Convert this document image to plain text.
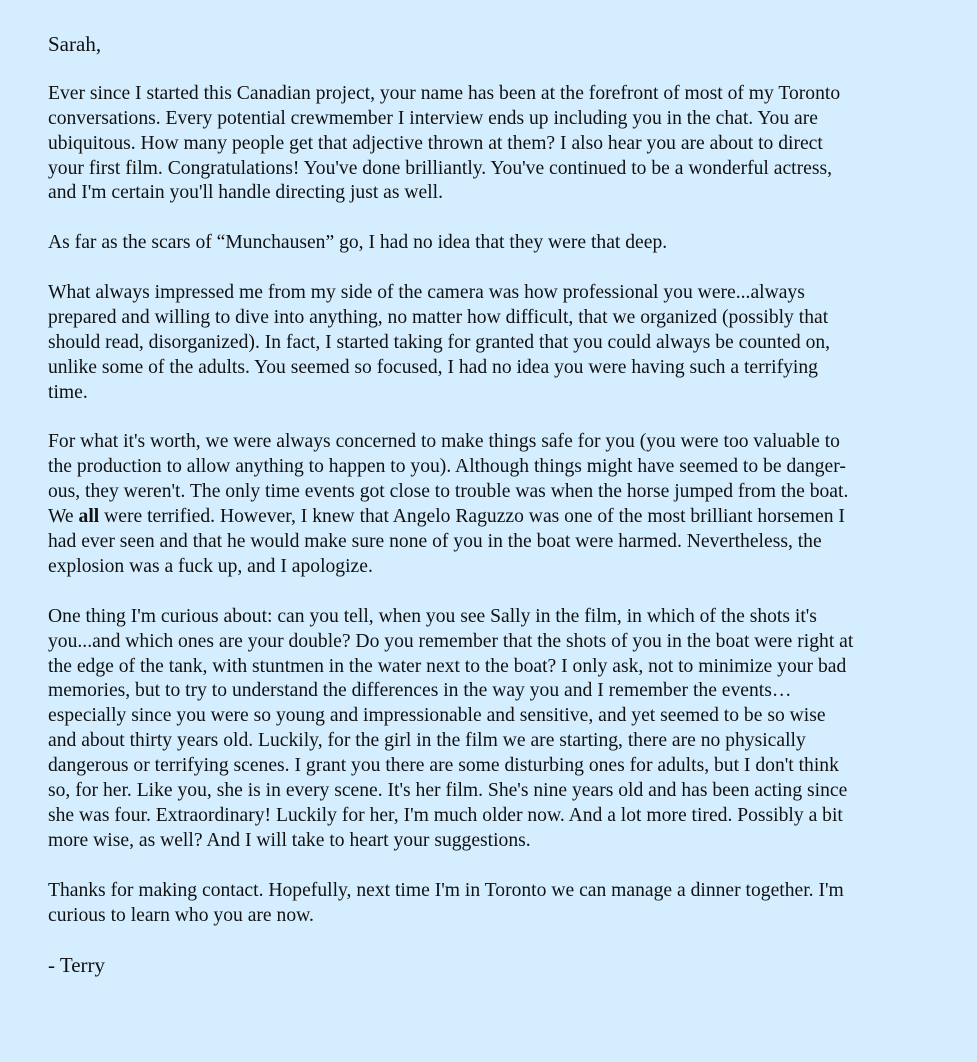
Sarah,
Ever since I started this Canadian project, your name has been at the forefront of most of my Toronto
conversations. Every potential crewmember I interview ends up including you in the chat. You are
ubiquitous. How many people get that adjective thrown at them? I also hear you are about to direct
your first film. Congratulations! You've done brilliantly. You've continued to be a wonderful actress,
and I'm certain you'll handle directing just as well.
As far as the scars of “Munchausen” go, I had no idea that they were that deep.
What always impressed me from my side of the camera was how professional you were...always
prepared and willing to dive into anything, no matter how difficult, that we organized (possibly that
should read, disorganized). In fact, I started taking for granted that you could always be counted on,
unlike some of the adults. You seemed so focused, I had no idea you were having such a terrifying
time.
For what it's worth, we were always concerned to make things safe for you (you were too valuable to
the production to allow anything to happen to you). Although things might have seemed to be danger-
ous, they weren't. The only time events got close to trouble was when the horse jumped from the boat.
We all were terrified. However, I knew that Angelo Raguzzo was one of the most brilliant horsemen I
had ever seen and that he would make sure none of you in the boat were harmed. Nevertheless, the
explosion was a fuck up, and I apologize.
One thing I'm curious about: can you tell, when you see Sally in the film, in which of the shots it's
you...and which ones are your double? Do you remember that the shots of you in the boat were right at
the edge of the tank, with stuntmen in the water next to the boat? I only ask, not to minimize your bad
memories, but to try to understand the differences in the way you and I remember the events…
especially since you were so young and impressionable and sensitive, and yet seemed to be so wise
and about thirty years old. Luckily, for the girl in the film we are starting, there are no physically
dangerous or terrifying scenes. I grant you there are some disturbing ones for adults, but I don't think
so, for her. Like you, she is in every scene. It's her film. She's nine years old and has been acting since
she was four. Extraordinary! Luckily for her, I'm much older now. And a lot more tired. Possibly a bit
more wise, as well? And I will take to heart your suggestions.
Thanks for making contact. Hopefully, next time I'm in Toronto we can manage a dinner together. I'm
curious to learn who you are now.
- Terry
